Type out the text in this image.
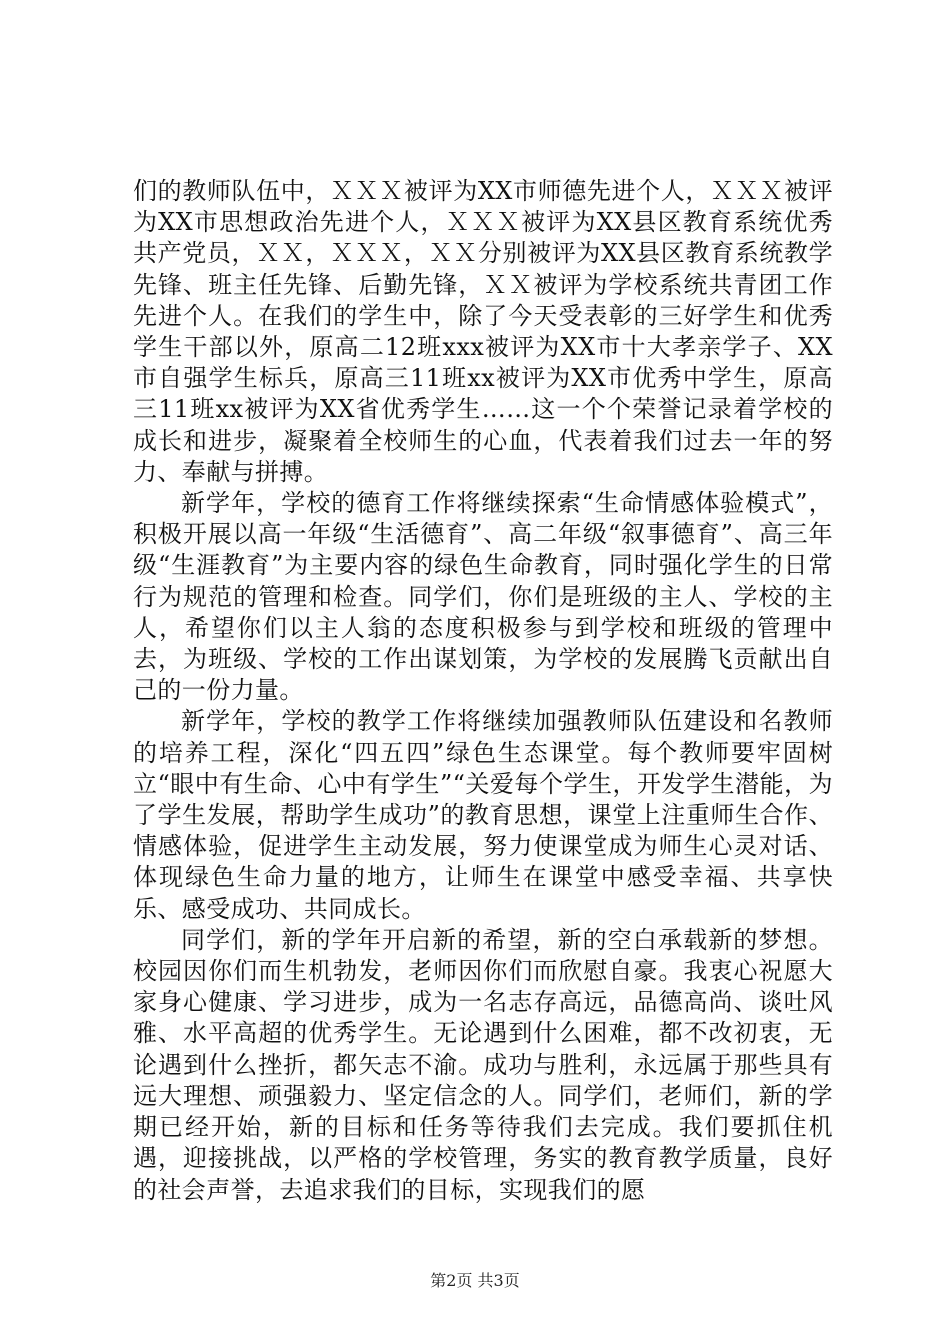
们的教师队伍中，ＸＸＸ被评为XX市师德先进个人，ＸＸＸ被评为XX市思想政治先进个人，ＸＸＸ被评为XX县区教育系统优秀共产党员，ＸＸ，ＸＸＸ，ＸＸ分别被评为XX县区教育系统教学先锋、班主任先锋、后勤先锋，ＸＸ被评为学校系统共青团工作先进个人。在我们的学生中，除了今天受表彰的三好学生和优秀学生干部以外，原高二12班xxx被评为XX市十大孝亲学子、XX市自强学生标兵，原高三11班xx被评为XX市优秀中学生，原高三11班xx被评为XX省优秀学生……这一个个荣誉记录着学校的成长和进步，凝聚着全校师生的心血，代表着我们过去一年的努力、奉献与拼搏。

新学年，学校的德育工作将继续探索“生命情感体验模式”，积极开展以高一年级“生活德育”、高二年级“叙事德育”、高三年级“生涯教育”为主要内容的绿色生命教育，同时强化学生的日常行为规范的管理和检查。同学们，你们是班级的主人、学校的主人，希望你们以主人翁的态度积极参与到学校和班级的管理中去，为班级、学校的工作出谋划策，为学校的发展腾飞贡献出自己的一份力量。

新学年，学校的教学工作将继续加强教师队伍建设和名教师的培养工程，深化“四五四”绿色生态课堂。每个教师要牢固树立“眼中有生命、心中有学生”“关爱每个学生，开发学生潜能，为了学生发展，帮助学生成功”的教育思想，课堂上注重师生合作、情感体验，促进学生主动发展，努力使课堂成为师生心灵对话、体现绿色生命力量的地方，让师生在课堂中感受幸福、共享快乐、感受成功、共同成长。

同学们，新的学年开启新的希望，新的空白承载新的梦想。校园因你们而生机勃发，老师因你们而欣慰自豪。我衷心祝愿大家身心健康、学习进步，成为一名志存高远，品德高尚、谈吐风雅、水平高超的优秀学生。无论遇到什么困难，都不改初衷，无论遇到什么挫折，都矢志不渝。成功与胜利，永远属于那些具有远大理想、顽强毅力、坚定信念的人。同学们，老师们，新的学期已经开始，新的目标和任务等待我们去完成。我们要抓住机遇，迎接挑战，以严格的学校管理，务实的教育教学质量，良好的社会声誉，去追求我们的目标，实现我们的愿

第2页 共3页
